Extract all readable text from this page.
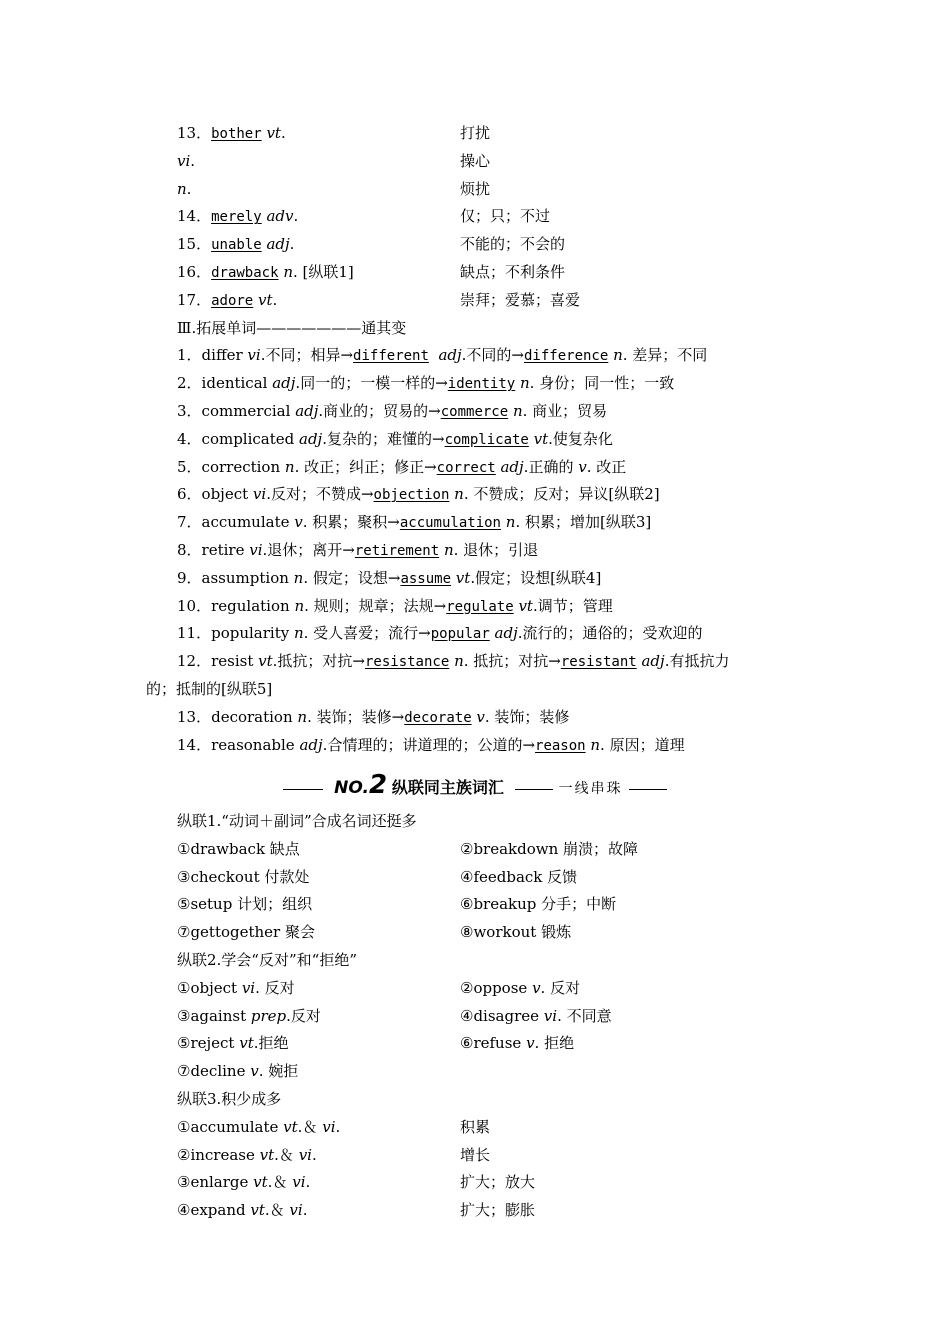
13．bother vt.	打扰
vi.	操心
n.	烦扰
14．merely adv.	仅；只；不过
15．unable adj.	不能的；不会的
16．drawback n. [纵联1]	缺点；不利条件
17．adore vt.	崇拜；爱慕；喜爱
Ⅲ.拓展单词———————通其变
1．differ vi.不同；相异→different adj.不同的→difference n. 差异；不同
2．identical adj.同一的；一模一样的→identity n. 身份；同一性；一致
3．commercial adj.商业的；贸易的→commerce n. 商业；贸易
4．complicated adj.复杂的；难懂的→complicate vt.使复杂化
5．correction n. 改正；纠正；修正→correct adj.正确的 v. 改正
6．object vi.反对；不赞成→objection n. 不赞成；反对；异议[纵联2]
7．accumulate v. 积累；聚积→accumulation n. 积累；增加[纵联3]
8．retire vi.退休；离开→retirement n. 退休；引退
9．assumption n. 假定；设想→assume vt.假定；设想[纵联4]
10．regulation n. 规则；规章；法规→regulate vt.调节；管理
11．popularity n. 受人喜爱；流行→popular adj.流行的；通俗的；受欢迎的
12．resist vt.抵抗；对抗→resistance n. 抵抗；对抗→resistant adj.有抵抗力
的；抵制的[纵联5]
13．decoration n. 装饰；装修→decorate v. 装饰；装修
14．reasonable adj.合情理的；讲道理的；公道的→reason n. 原因；道理
纵联1.“动词＋副词”合成名词还挺多
①drawback 缺点	②breakdown 崩溃；故障
③checkout 付款处	④feedback 反馈
⑤setup 计划；组织	⑥breakup 分手；中断
⑦gettogether 聚会	⑧workout 锻炼
纵联2.学会“反对”和“拒绝”
①object vi. 反对	②oppose v. 反对
③against prep.反对	④disagree vi. 不同意
⑤reject vt.拒绝	⑥refuse v. 拒绝
⑦decline v. 婉拒
纵联3.积少成多
①accumulate vt.＆ vi.	积累
②increase vt.＆ vi.	增长
③enlarge vt.＆ vi.	扩大；放大
④expand vt.＆ vi.	扩大；膨胀
NO.2 纵联同主族词汇	一线串珠
